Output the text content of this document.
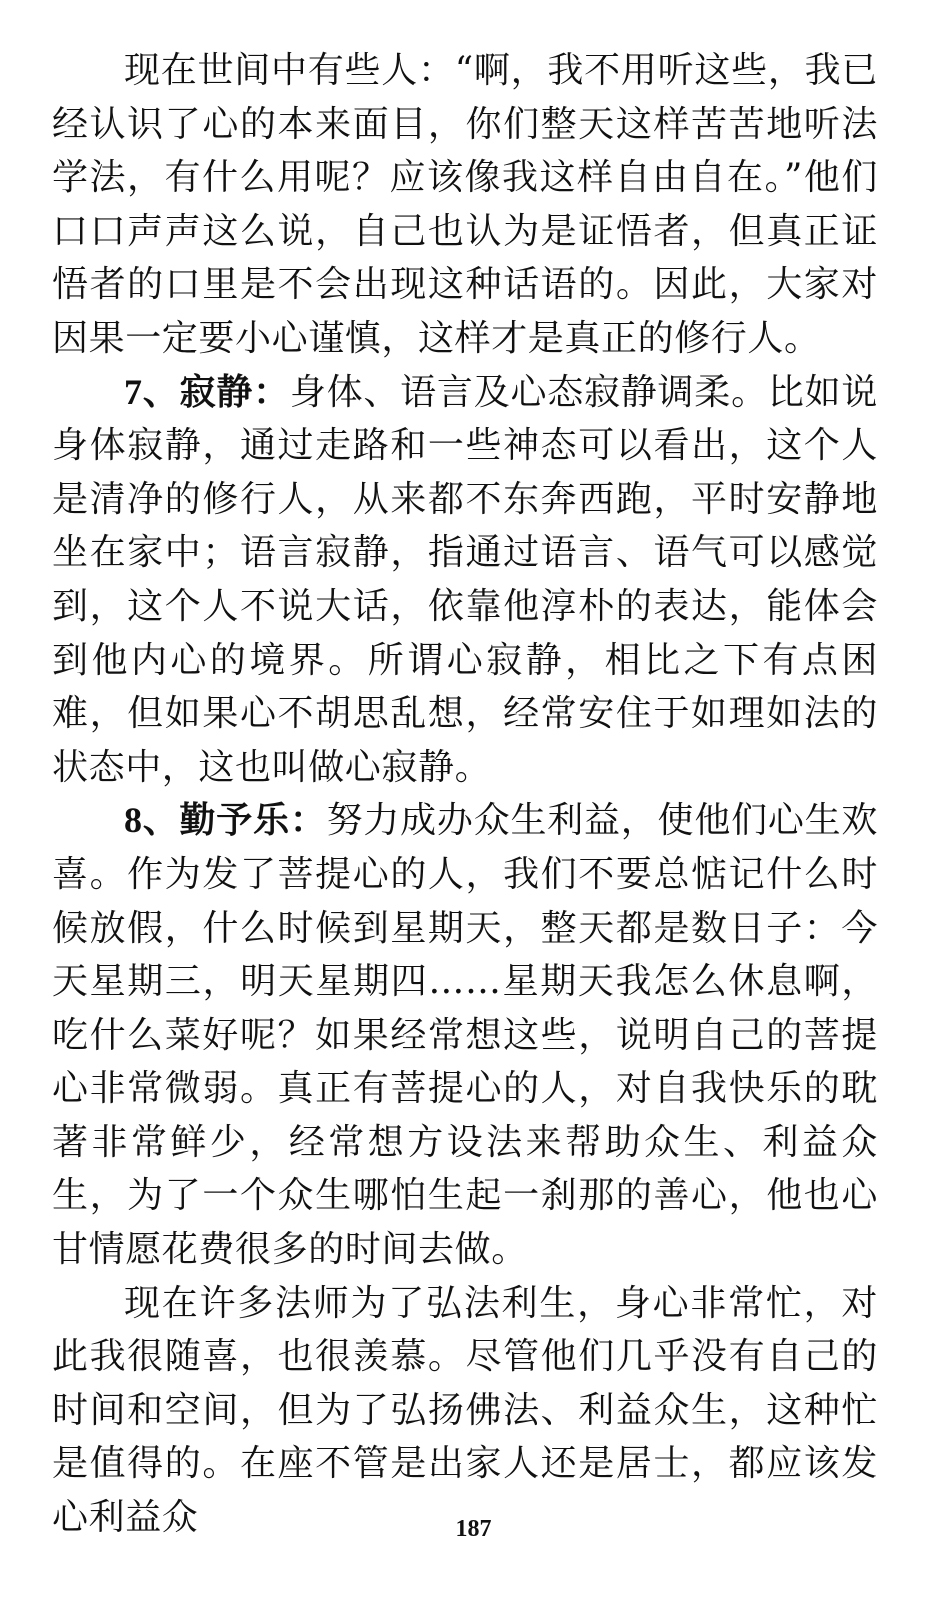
现在世间中有些人：“啊，我不用听这些，我已经认识了心的本来面目，你们整天这样苦苦地听法学法，有什么用呢？应该像我这样自由自在。”他们口口声声这么说，自己也认为是证悟者，但真正证悟者的口里是不会出现这种话语的。因此，大家对因果一定要小心谨慎，这样才是真正的修行人。

7、寂静：身体、语言及心态寂静调柔。比如说身体寂静，通过走路和一些神态可以看出，这个人是清净的修行人，从来都不东奔西跑，平时安静地坐在家中；语言寂静，指通过语言、语气可以感觉到，这个人不说大话，依靠他淳朴的表达，能体会到他内心的境界。所谓心寂静，相比之下有点困难，但如果心不胡思乱想，经常安住于如理如法的状态中，这也叫做心寂静。

8、勤予乐：努力成办众生利益，使他们心生欢喜。作为发了菩提心的人，我们不要总惦记什么时候放假，什么时候到星期天，整天都是数日子：今天星期三，明天星期四……星期天我怎么休息啊，吃什么菜好呢？如果经常想这些，说明自己的菩提心非常微弱。真正有菩提心的人，对自我快乐的耽著非常鲜少，经常想方设法来帮助众生、利益众生，为了一个众生哪怕生起一刹那的善心，他也心甘情愿花费很多的时间去做。

现在许多法师为了弘法利生，身心非常忙，对此我很随喜，也很羡慕。尽管他们几乎没有自己的时间和空间，但为了弘扬佛法、利益众生，这种忙是值得的。在座不管是出家人还是居士，都应该发心利益众	187
